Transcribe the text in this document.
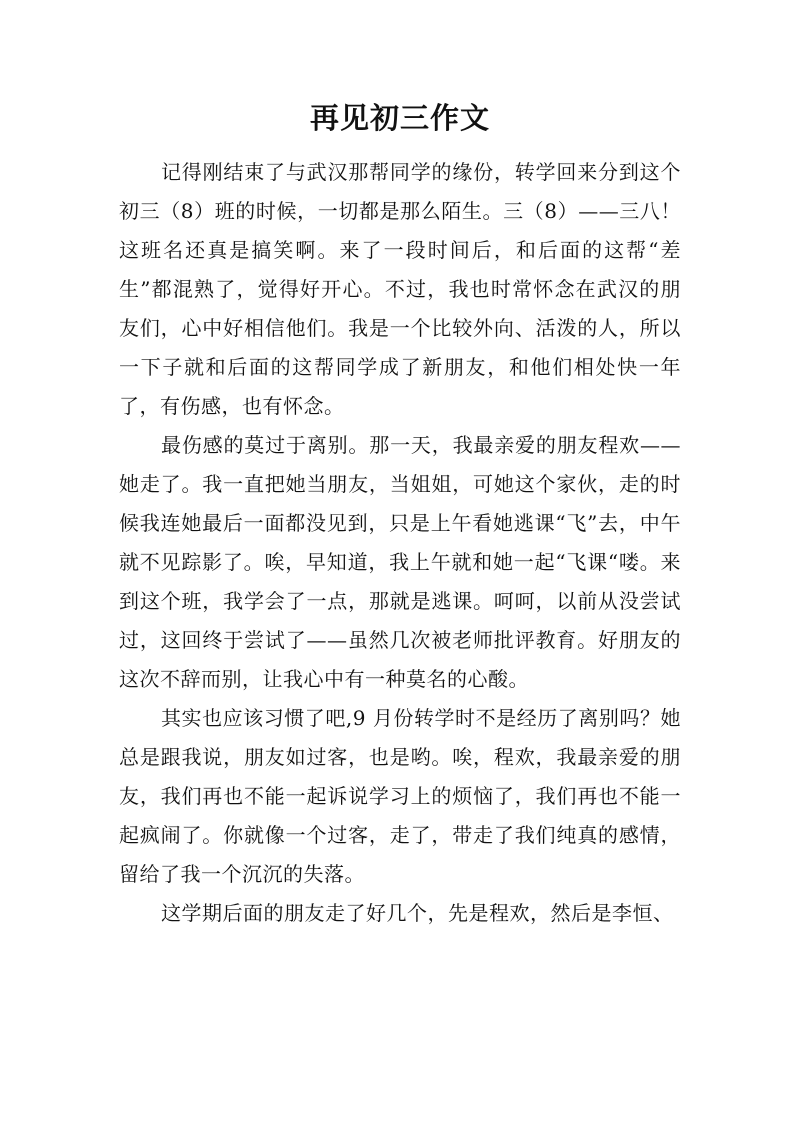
再见初三作文

记得刚结束了与武汉那帮同学的缘份，转学回来分到这个初三（8）班的时候，一切都是那么陌生。三（8）——三八！这班名还真是搞笑啊。来了一段时间后，和后面的这帮“差生”都混熟了，觉得好开心。不过，我也时常怀念在武汉的朋友们，心中好相信他们。我是一个比较外向、活泼的人，所以一下子就和后面的这帮同学成了新朋友，和他们相处快一年了，有伤感，也有怀念。

最伤感的莫过于离别。那一天，我最亲爱的朋友程欢——她走了。我一直把她当朋友，当姐姐，可她这个家伙，走的时候我连她最后一面都没见到，只是上午看她逃课“飞”去，中午就不见踪影了。唉，早知道，我上午就和她一起“飞课“喽。来到这个班，我学会了一点，那就是逃课。呵呵，以前从没尝试过，这回终于尝试了——虽然几次被老师批评教育。好朋友的这次不辞而别，让我心中有一种莫名的心酸。

其实也应该习惯了吧,9 月份转学时不是经历了离别吗？她总是跟我说，朋友如过客，也是哟。唉，程欢，我最亲爱的朋友，我们再也不能一起诉说学习上的烦恼了，我们再也不能一起疯闹了。你就像一个过客，走了，带走了我们纯真的感情，留给了我一个沉沉的失落。

这学期后面的朋友走了好几个，先是程欢，然后是李恒、
